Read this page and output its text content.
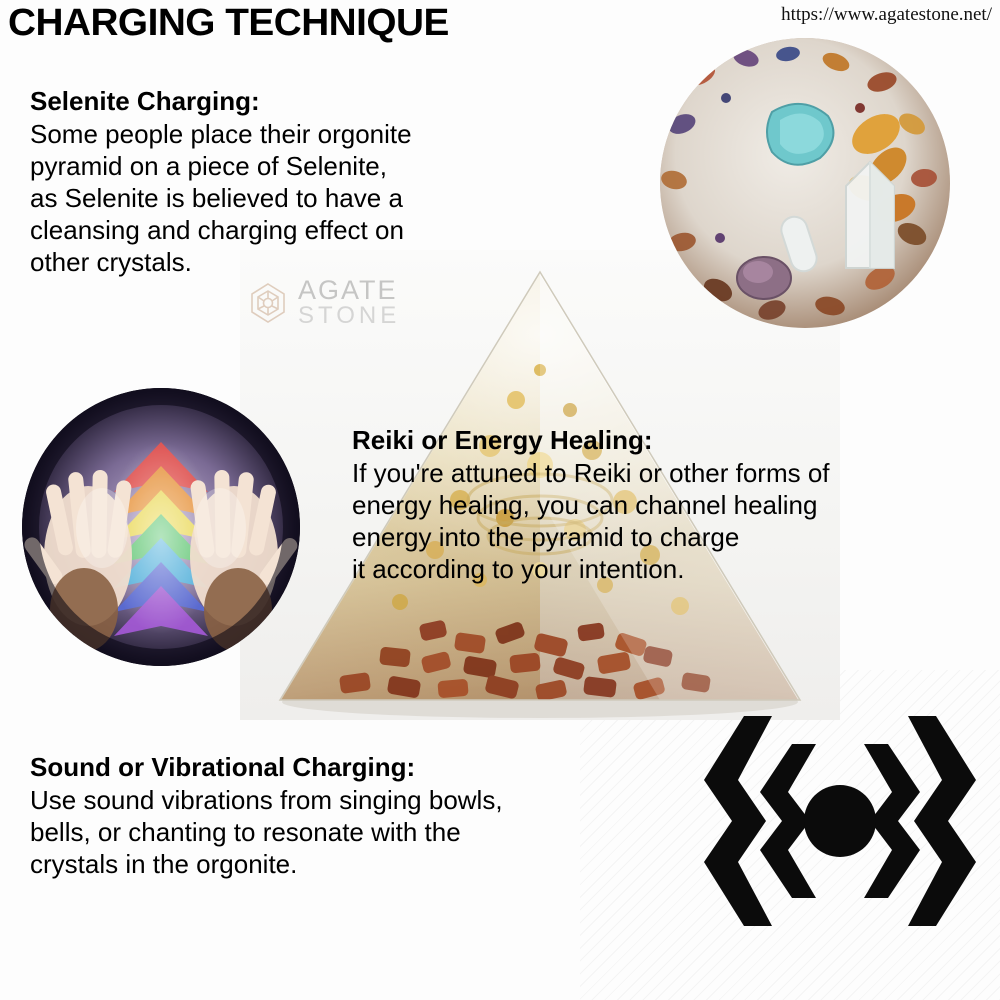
CHARGING TECHNIQUE	https://www.agatestone.net/
AGATE
STONE
Selenite Charging:
Some people place their orgonite
pyramid on a piece of Selenite,
as Selenite is believed to have a
cleansing and charging effect on
other crystals.
Reiki or Energy Healing:
If you're attuned to Reiki or other forms of
energy healing, you can channel healing
energy into the pyramid to charge
it according to your intention.
Sound or Vibrational Charging:
Use sound vibrations from singing bowls,
bells, or chanting to resonate with the
crystals in the orgonite.
